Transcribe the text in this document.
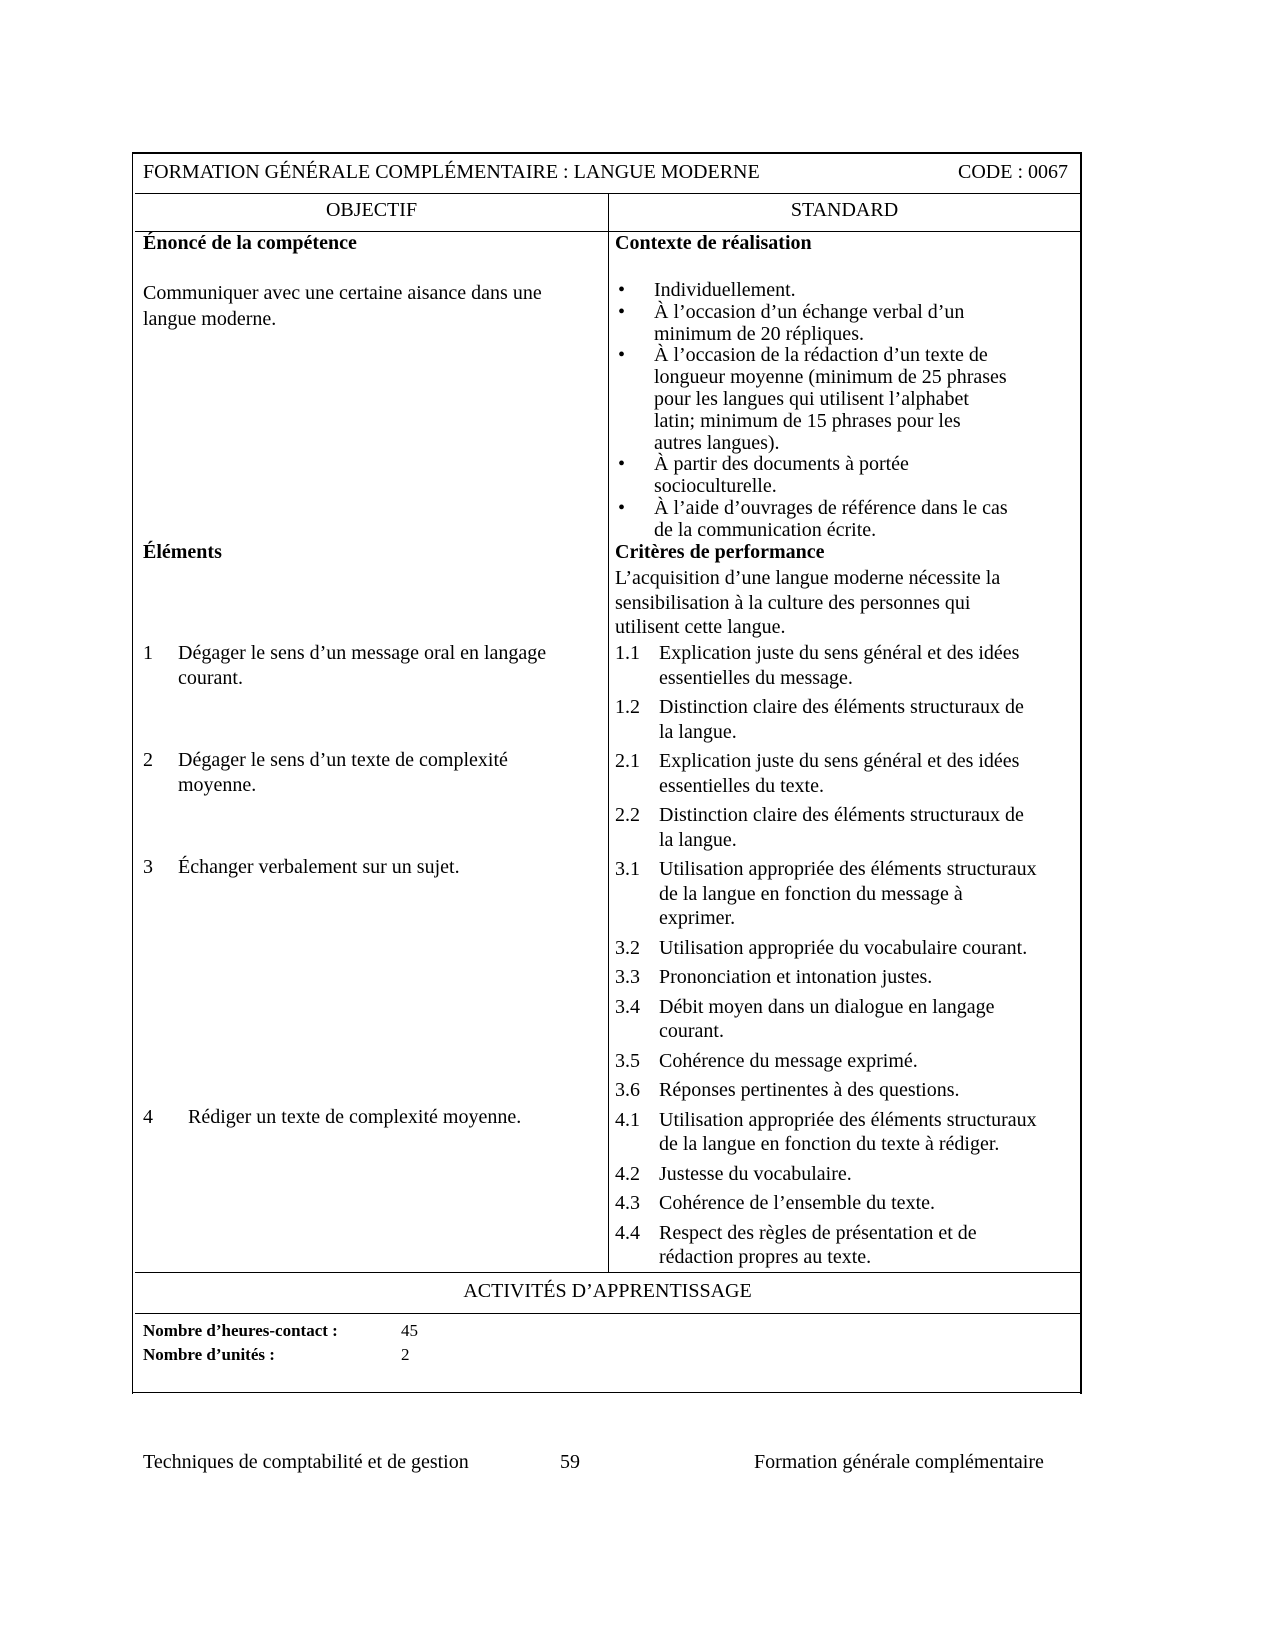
FORMATION GÉNÉRALE COMPLÉMENTAIRE : LANGUE MODERNE	CODE : 0067
OBJECTIF	STANDARD
Énoncé de la compétence
Communiquer avec une certaine aisance dans une
langue moderne.
Éléments
1	Dégager le sens d’un message oral en langage
courant.
2	Dégager le sens d’un texte de complexité
moyenne.
3	Échanger verbalement sur un sujet.
4	Rédiger un texte de complexité moyenne.
Contexte de réalisation
•	Individuellement.
•	À l’occasion d’un échange verbal d’un
minimum de 20 répliques.
•	À l’occasion de la rédaction d’un texte de
longueur moyenne (minimum de 25 phrases
pour les langues qui utilisent l’alphabet
latin; minimum de 15 phrases pour les
autres langues).
•	À partir des documents à portée
socioculturelle.
•	À l’aide d’ouvrages de référence dans le cas
de la communication écrite.
Critères de performance
L’acquisition d’une langue moderne nécessite la
sensibilisation à la culture des personnes qui
utilisent cette langue.
1.1 Explication juste du sens général et des idées
essentielles du message.
1.2 Distinction claire des éléments structuraux de
la langue.
2.1 Explication juste du sens général et des idées
essentielles du texte.
2.2 Distinction claire des éléments structuraux de
la langue.
3.1 Utilisation appropriée des éléments structuraux
de la langue en fonction du message à
exprimer.
3.2 Utilisation appropriée du vocabulaire courant.
3.3 Prononciation et intonation justes.
3.4 Débit moyen dans un dialogue en langage
courant.
3.5 Cohérence du message exprimé.
3.6 Réponses pertinentes à des questions.
4.1 Utilisation appropriée des éléments structuraux
de la langue en fonction du texte à rédiger.
4.2 Justesse du vocabulaire.
4.3 Cohérence de l’ensemble du texte.
4.4 Respect des règles de présentation et de
rédaction propres au texte.
ACTIVITÉS D’APPRENTISSAGE
Nombre d’heures-contact :	45
Nombre d’unités :	2
Techniques de comptabilité et de gestion	59	Formation générale complémentaire
